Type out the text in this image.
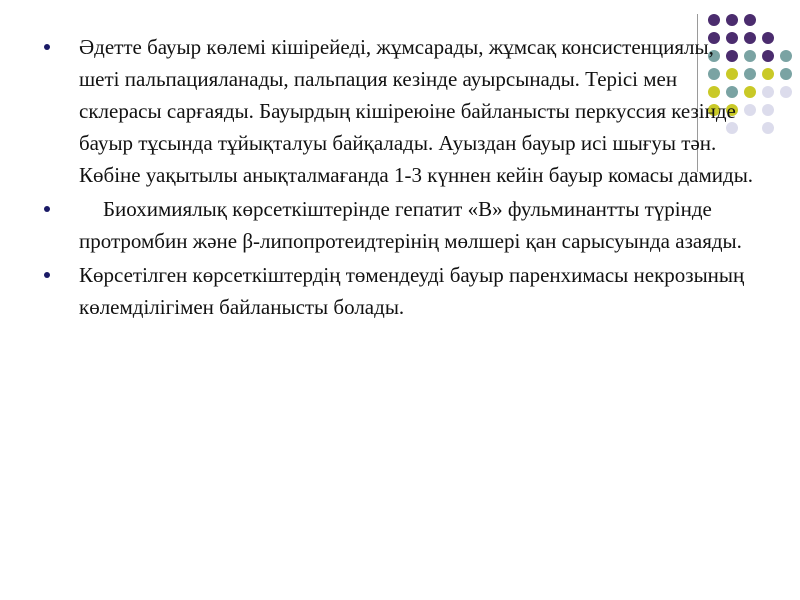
Әдетте бауыр көлемі кішірейеді, жұмсарады, жұмсақ консистенциялы, шеті пальпацияланады, пальпация кезінде ауырсынады. Терісі мен склерасы сарғаяды. Бауырдың кішіреюіне байланысты перкуссия кезінде бауыр тұсында тұйықталуы байқалады. Ауыздан бауыр исі шығуы тән. Көбіне уақытылы анықталмағанда 1-3 күннен кейін бауыр комасы дамиды.
Биохимиялық көрсеткіштерінде гепатит «В» фульминантты түрінде протромбин және β-липопротеидтерінің мөлшері қан сарысуында азаяды.
Көрсетілген көрсеткіштердің төмендеуді бауыр паренхимасы некрозының көлемділігімен байланысты болады.
